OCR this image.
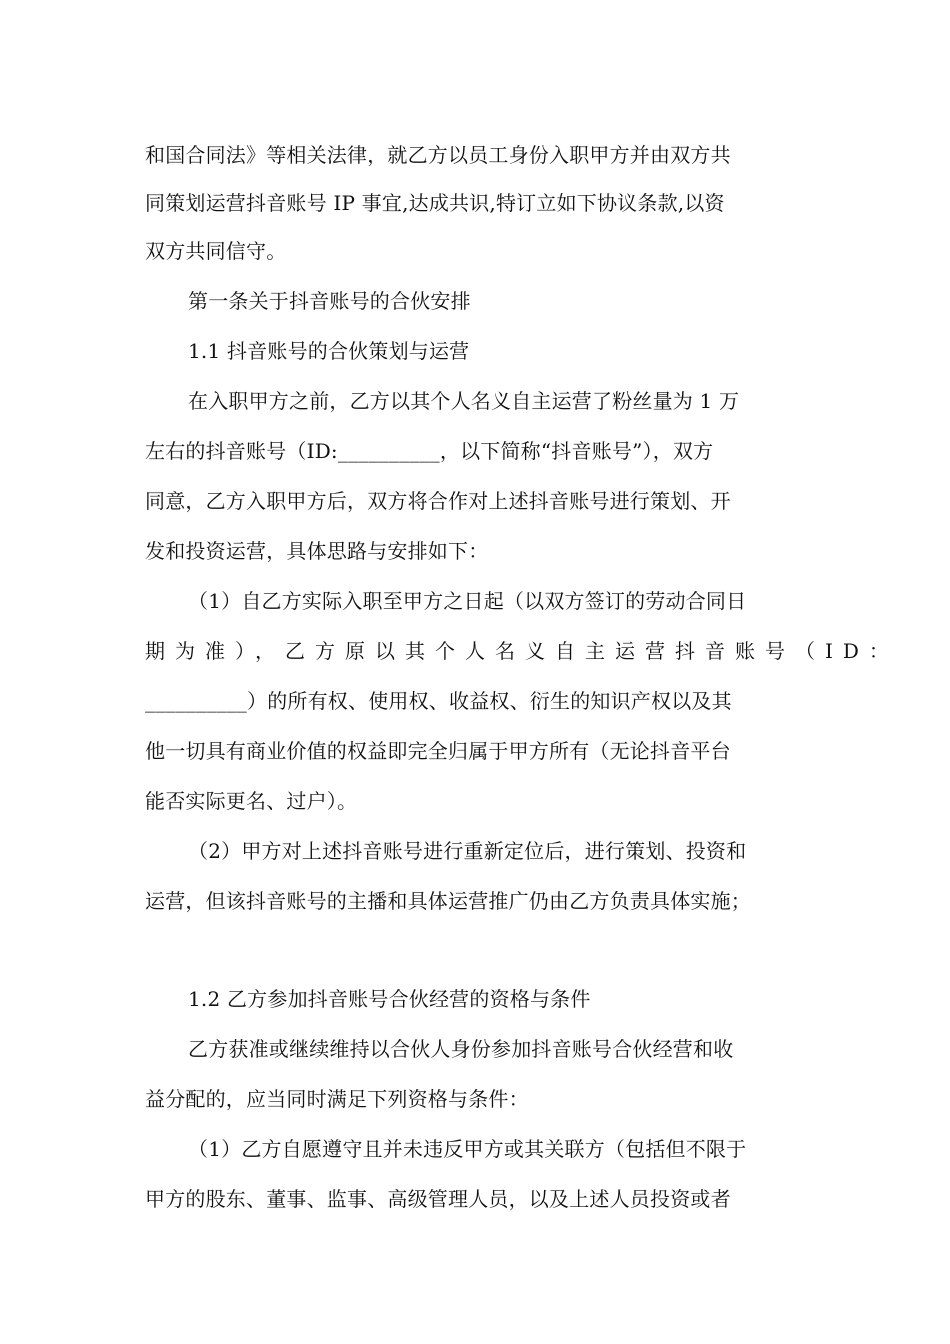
和国合同法》等相关法律，就乙方以员工身份入职甲方并由双方共
同策划运营抖音账号 IP 事宜,达成共识,特订立如下协议条款,以资
双方共同信守。
第一条关于抖音账号的合伙安排
1.1 抖音账号的合伙策划与运营
在入职甲方之前，乙方以其个人名义自主运营了粉丝量为 1 万
左右的抖音账号（ID:__________，以下简称“抖音账号”），双方
同意，乙方入职甲方后，双方将合作对上述抖音账号进行策划、开
发和投资运营，具体思路与安排如下：
（1）自乙方实际入职至甲方之日起（以双方签订的劳动合同日
期为准），乙方原以其个人名义自主运营抖音账号（ID：
__________）的所有权、使用权、收益权、衍生的知识产权以及其
他一切具有商业价值的权益即完全归属于甲方所有（无论抖音平台
能否实际更名、过户）。
（2）甲方对上述抖音账号进行重新定位后，进行策划、投资和
运营，但该抖音账号的主播和具体运营推广仍由乙方负责具体实施；
1.2 乙方参加抖音账号合伙经营的资格与条件
乙方获准或继续维持以合伙人身份参加抖音账号合伙经营和收
益分配的，应当同时满足下列资格与条件：
（1）乙方自愿遵守且并未违反甲方或其关联方（包括但不限于
甲方的股东、董事、监事、高级管理人员，以及上述人员投资或者
